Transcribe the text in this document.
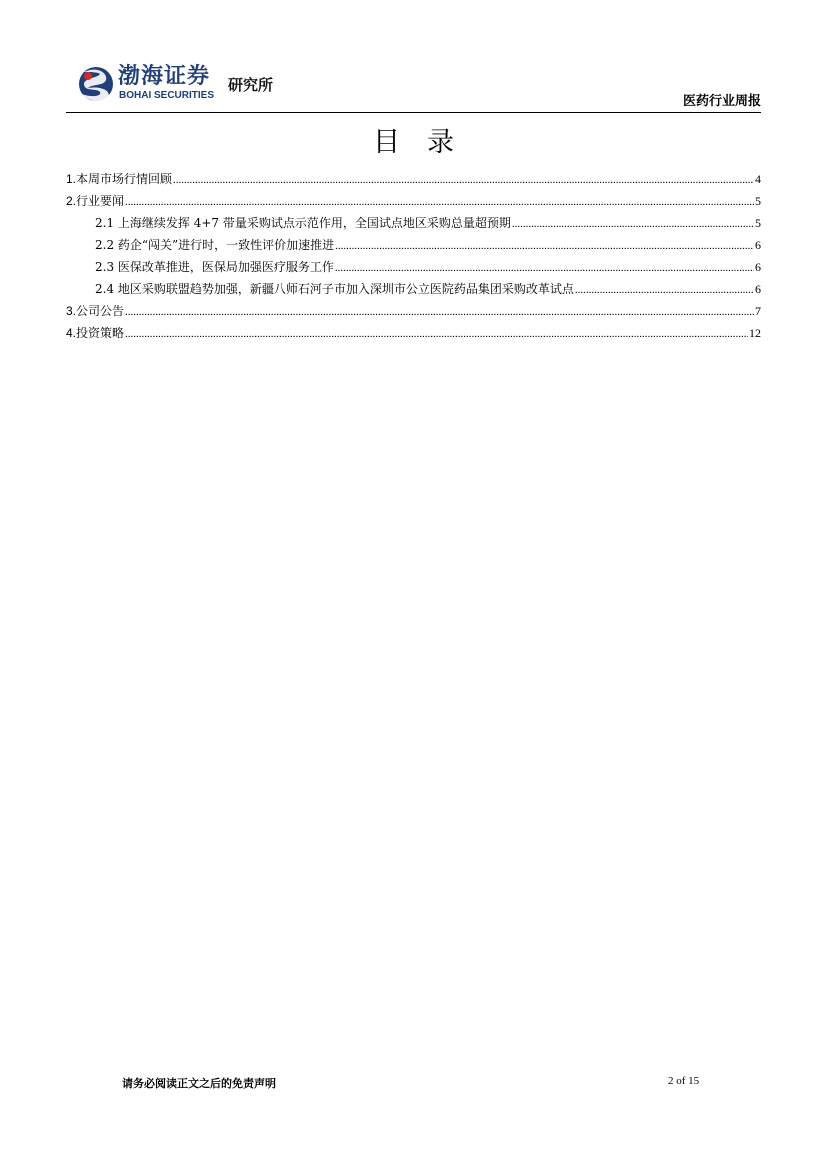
渤海证券
BOHAI SECURITIES
研究所
医药行业周报
目　录
1.本周市场行情回顾 .....	4
2.行业要闻 .....	5
2.1 上海继续发挥 4+7 带量采购试点示范作用，全国试点地区采购总量超预期 .....	5
2.2 药企“闯关”进行时，一致性评价加速推进 .....	6
2.3 医保改革推进，医保局加强医疗服务工作 .....	6
2.4 地区采购联盟趋势加强，新疆八师石河子市加入深圳市公立医院药品集团采购改革试点 .....	6
3.公司公告 .....	7
4.投资策略 .....	12
请务必阅读正文之后的免责声明	2 of 15
